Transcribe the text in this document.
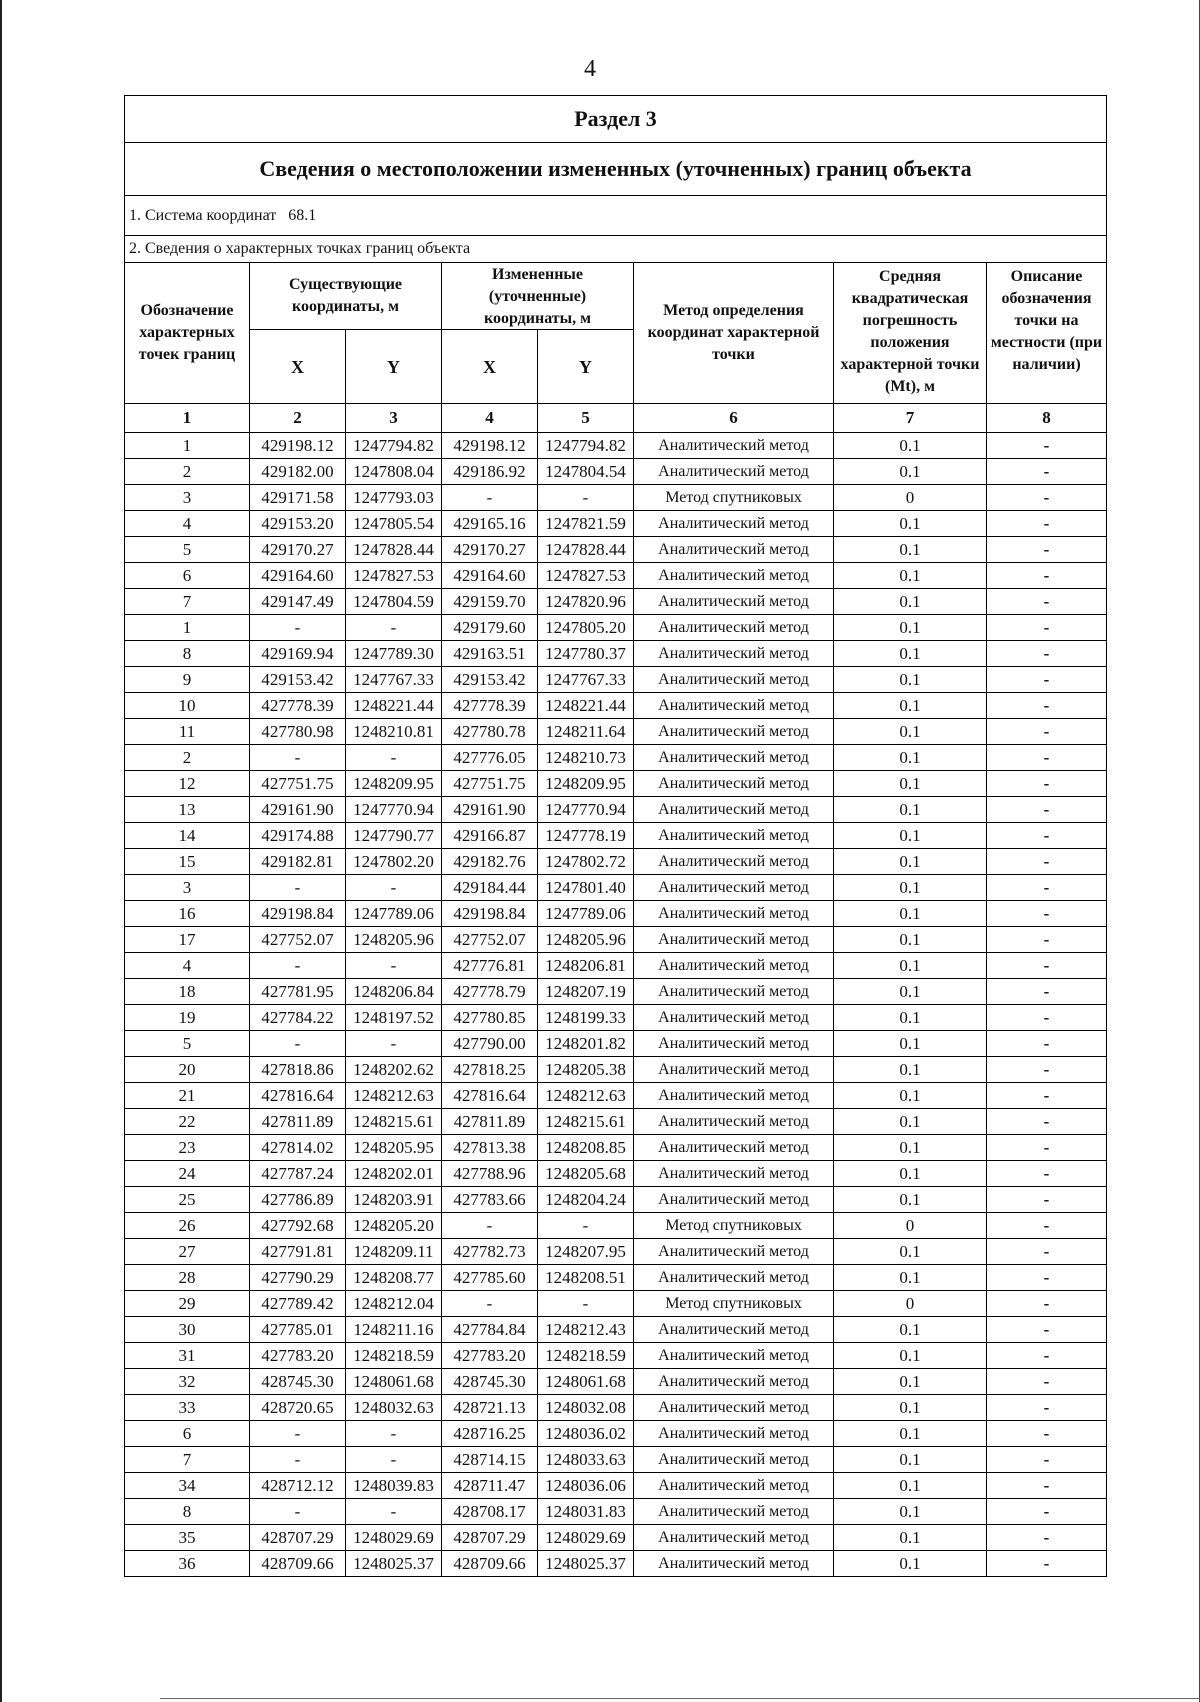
4
Раздел 3							
Сведения о местоположении измененных (уточненных) границ объекта							
1. Система координат 68.1							
2. Сведения о характерных точках границ объекта							
Обозначение характерных точек границ	Существующие координаты, м		Измененные (уточненные) координаты, м		Метод определения координат характерной точки	Средняя квадратическая погрешность положения характерной точки (Mt), м	Описание обозначения точки на местности (при наличии)

	X	Y	X	Y			
1	2	3	4	5	6	7	8
1	429198.12	1247794.82	429198.12	1247794.82	Аналитический метод	0.1	-
2	429182.00	1247808.04	429186.92	1247804.54	Аналитический метод	0.1	-
3	429171.58	1247793.03	-	-	Метод спутниковых	0	-
4	429153.20	1247805.54	429165.16	1247821.59	Аналитический метод	0.1	-
5	429170.27	1247828.44	429170.27	1247828.44	Аналитический метод	0.1	-
6	429164.60	1247827.53	429164.60	1247827.53	Аналитический метод	0.1	-
7	429147.49	1247804.59	429159.70	1247820.96	Аналитический метод	0.1	-
1	-	-	429179.60	1247805.20	Аналитический метод	0.1	-
8	429169.94	1247789.30	429163.51	1247780.37	Аналитический метод	0.1	-
9	429153.42	1247767.33	429153.42	1247767.33	Аналитический метод	0.1	-
10	427778.39	1248221.44	427778.39	1248221.44	Аналитический метод	0.1	-
11	427780.98	1248210.81	427780.78	1248211.64	Аналитический метод	0.1	-
2	-	-	427776.05	1248210.73	Аналитический метод	0.1	-
12	427751.75	1248209.95	427751.75	1248209.95	Аналитический метод	0.1	-
13	429161.90	1247770.94	429161.90	1247770.94	Аналитический метод	0.1	-
14	429174.88	1247790.77	429166.87	1247778.19	Аналитический метод	0.1	-
15	429182.81	1247802.20	429182.76	1247802.72	Аналитический метод	0.1	-
3	-	-	429184.44	1247801.40	Аналитический метод	0.1	-
16	429198.84	1247789.06	429198.84	1247789.06	Аналитический метод	0.1	-
17	427752.07	1248205.96	427752.07	1248205.96	Аналитический метод	0.1	-
4	-	-	427776.81	1248206.81	Аналитический метод	0.1	-
18	427781.95	1248206.84	427778.79	1248207.19	Аналитический метод	0.1	-
19	427784.22	1248197.52	427780.85	1248199.33	Аналитический метод	0.1	-
5	-	-	427790.00	1248201.82	Аналитический метод	0.1	-
20	427818.86	1248202.62	427818.25	1248205.38	Аналитический метод	0.1	-
21	427816.64	1248212.63	427816.64	1248212.63	Аналитический метод	0.1	-
22	427811.89	1248215.61	427811.89	1248215.61	Аналитический метод	0.1	-
23	427814.02	1248205.95	427813.38	1248208.85	Аналитический метод	0.1	-
24	427787.24	1248202.01	427788.96	1248205.68	Аналитический метод	0.1	-
25	427786.89	1248203.91	427783.66	1248204.24	Аналитический метод	0.1	-
26	427792.68	1248205.20	-	-	Метод спутниковых	0	-
27	427791.81	1248209.11	427782.73	1248207.95	Аналитический метод	0.1	-
28	427790.29	1248208.77	427785.60	1248208.51	Аналитический метод	0.1	-
29	427789.42	1248212.04	-	-	Метод спутниковых	0	-
30	427785.01	1248211.16	427784.84	1248212.43	Аналитический метод	0.1	-
31	427783.20	1248218.59	427783.20	1248218.59	Аналитический метод	0.1	-
32	428745.30	1248061.68	428745.30	1248061.68	Аналитический метод	0.1	-
33	428720.65	1248032.63	428721.13	1248032.08	Аналитический метод	0.1	-
6	-	-	428716.25	1248036.02	Аналитический метод	0.1	-
7	-	-	428714.15	1248033.63	Аналитический метод	0.1	-
34	428712.12	1248039.83	428711.47	1248036.06	Аналитический метод	0.1	-
8	-	-	428708.17	1248031.83	Аналитический метод	0.1	-
35	428707.29	1248029.69	428707.29	1248029.69	Аналитический метод	0.1	-
36	428709.66	1248025.37	428709.66	1248025.37	Аналитический метод	0.1	-
